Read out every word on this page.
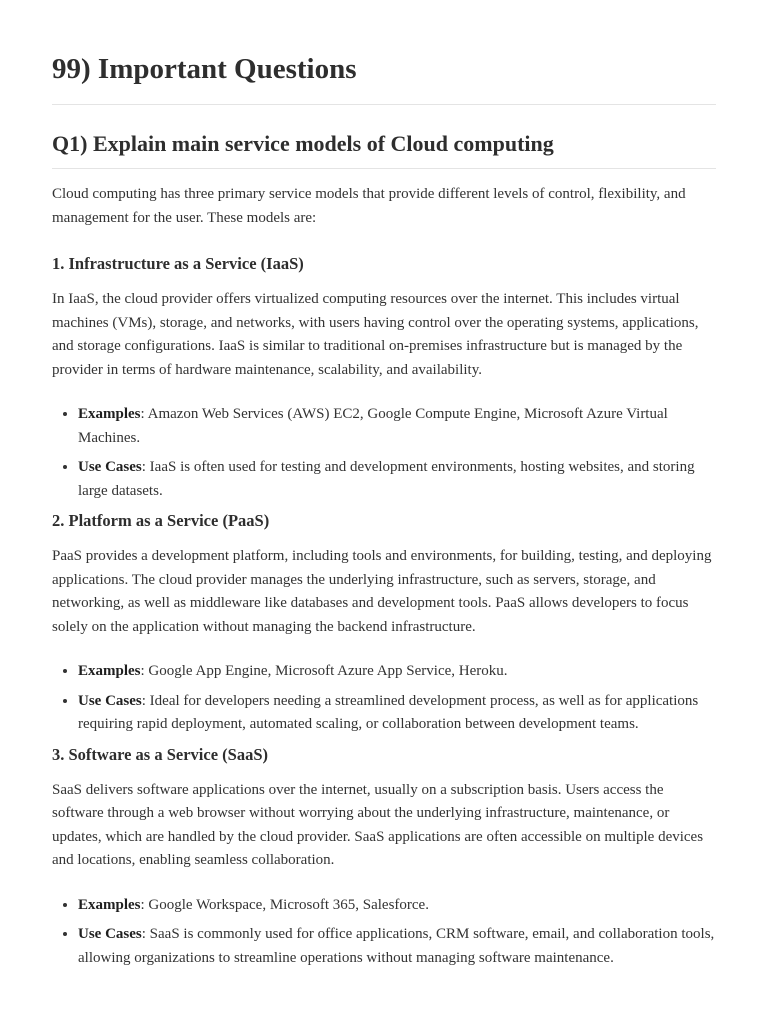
99) Important Questions
Q1) Explain main service models of Cloud computing

Cloud computing has three primary service models that provide different levels of control, flexibility, and management for the user. These models are:

1. Infrastructure as a Service (IaaS)

In IaaS, the cloud provider offers virtualized computing resources over the internet. This includes virtual machines (VMs), storage, and networks, with users having control over the operating systems, applications, and storage configurations. IaaS is similar to traditional on-premises infrastructure but is managed by the provider in terms of hardware maintenance, scalability, and availability.

• Examples: Amazon Web Services (AWS) EC2, Google Compute Engine, Microsoft Azure Virtual Machines.
• Use Cases: IaaS is often used for testing and development environments, hosting websites, and storing large datasets.
2. Platform as a Service (PaaS)

PaaS provides a development platform, including tools and environments, for building, testing, and deploying applications. The cloud provider manages the underlying infrastructure, such as servers, storage, and networking, as well as middleware like databases and development tools. PaaS allows developers to focus solely on the application without managing the backend infrastructure.

• Examples: Google App Engine, Microsoft Azure App Service, Heroku.
• Use Cases: Ideal for developers needing a streamlined development process, as well as for applications requiring rapid deployment, automated scaling, or collaboration between development teams.
3. Software as a Service (SaaS)

SaaS delivers software applications over the internet, usually on a subscription basis. Users access the software through a web browser without worrying about the underlying infrastructure, maintenance, or updates, which are handled by the cloud provider. SaaS applications are often accessible on multiple devices and locations, enabling seamless collaboration.

• Examples: Google Workspace, Microsoft 365, Salesforce.
• Use Cases: SaaS is commonly used for office applications, CRM software, email, and collaboration tools, allowing organizations to streamline operations without managing software maintenance.
